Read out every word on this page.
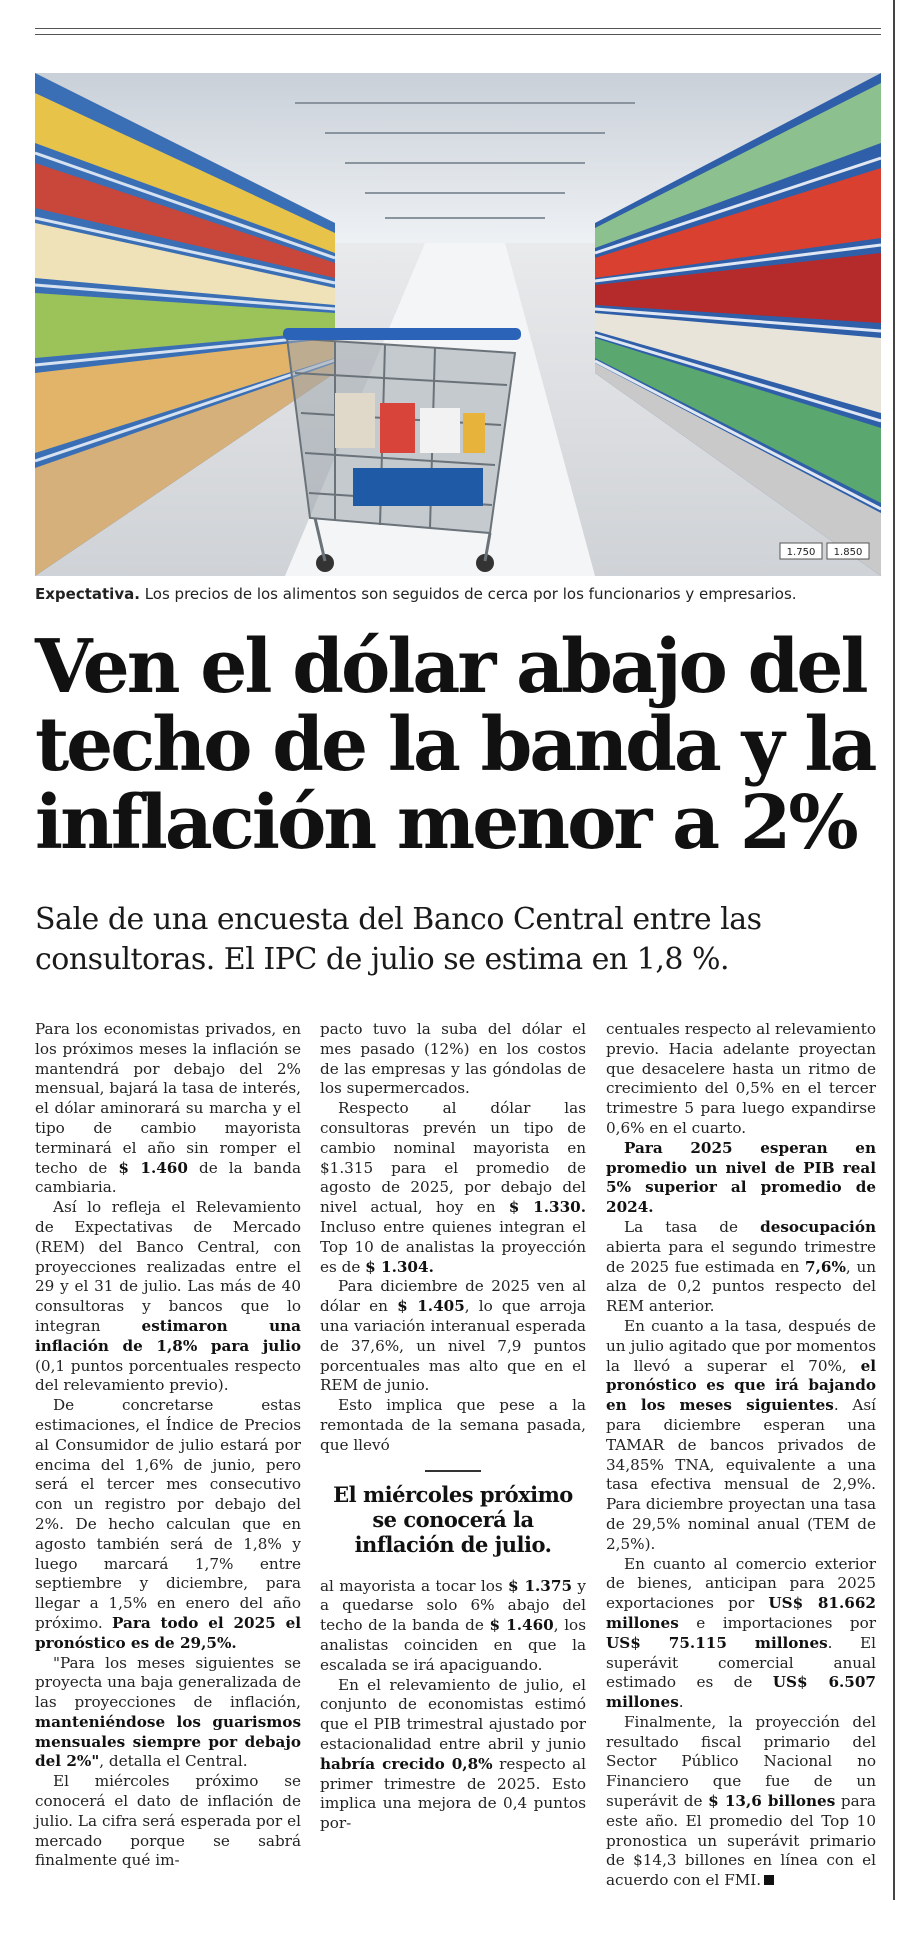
1.750 1.850
Expectativa. Los precios de los alimentos son seguidos de cerca por los funcionarios y empresarios.
Ven el dólar abajo del
techo de la banda y la
inflación menor a 2%
Sale de una encuesta del Banco Central entre las
consultoras. El IPC de julio se estima en 1,8 %.

Para los economistas privados, en los próximos meses la inflación se mantendrá por debajo del 2% mensual, bajará la tasa de interés, el dólar aminorará su marcha y el tipo de cambio mayorista terminará el año sin romper el techo de $ 1.460 de la banda cambiaria.

Así lo refleja el Relevamiento de Expectativas de Mercado (REM) del Banco Central, con proyecciones realizadas entre el 29 y el 31 de julio. Las más de 40 consultoras y bancos que lo integran estimaron una inflación de 1,8% para julio (0,1 puntos porcentuales respecto del relevamiento previo).

De concretarse estas estimaciones, el Índice de Precios al Consumidor de julio estará por encima del 1,6% de junio, pero será el tercer mes consecutivo con un registro por debajo del 2%. De hecho calculan que en agosto también será de 1,8% y luego marcará 1,7% entre septiembre y diciembre, para llegar a 1,5% en enero del año próximo. Para todo el 2025 el pronóstico es de 29,5%.

"Para los meses siguientes se proyecta una baja generalizada de las proyecciones de inflación, manteniéndose los guarismos mensuales siempre por debajo del 2%", detalla el Central.

El miércoles próximo se conocerá el dato de inflación de julio. La cifra será esperada por el mercado porque se sabrá finalmente qué im-

pacto tuvo la suba del dólar el mes pasado (12%) en los costos de las empresas y las góndolas de los supermercados.

Respecto al dólar las consultoras prevén un tipo de cambio nominal mayorista en $1.315 para el promedio de agosto de 2025, por debajo del nivel actual, hoy en $ 1.330. Incluso entre quienes integran el Top 10 de analistas la proyección es de $ 1.304.

Para diciembre de 2025 ven al dólar en $ 1.405, lo que arroja una variación interanual esperada de 37,6%, un nivel 7,9 puntos porcentuales mas alto que en el REM de junio.

Esto implica que pese a la remontada de la semana pasada, que llevó

El miércoles próximo se conocerá la inflación de julio.

al mayorista a tocar los $ 1.375 y a quedarse solo 6% abajo del techo de la banda de $ 1.460, los analistas coinciden en que la escalada se irá apaciguando.

En el relevamiento de julio, el conjunto de economistas estimó que el PIB trimestral ajustado por estacionalidad entre abril y junio habría crecido 0,8% respecto al primer trimestre de 2025. Esto implica una mejora de 0,4 puntos por-

centuales respecto al relevamiento previo. Hacia adelante proyectan que desacelere hasta un ritmo de crecimiento del 0,5% en el tercer trimestre 5 para luego expandirse 0,6% en el cuarto.

Para 2025 esperan en promedio un nivel de PIB real 5% superior al promedio de 2024.

La tasa de desocupación abierta para el segundo trimestre de 2025 fue estimada en 7,6%, un alza de 0,2 puntos respecto del REM anterior.

En cuanto a la tasa, después de un julio agitado que por momentos la llevó a superar el 70%, el pronóstico es que irá bajando en los meses siguientes. Así para diciembre esperan una TAMAR de bancos privados de 34,85% TNA, equivalente a una tasa efectiva mensual de 2,9%. Para diciembre proyectan una tasa de 29,5% nominal anual (TEM de 2,5%).

En cuanto al comercio exterior de bienes, anticipan para 2025 exportaciones por US$ 81.662 millones e importaciones por US$ 75.115 millones. El superávit comercial anual estimado es de US$ 6.507 millones.

Finalmente, la proyección del resultado fiscal primario del Sector Público Nacional no Financiero que fue de un superávit de $ 13,6 billones para este año. El promedio del Top 10 pronostica un superávit primario de $14,3 billones en línea con el acuerdo con el FMI.
